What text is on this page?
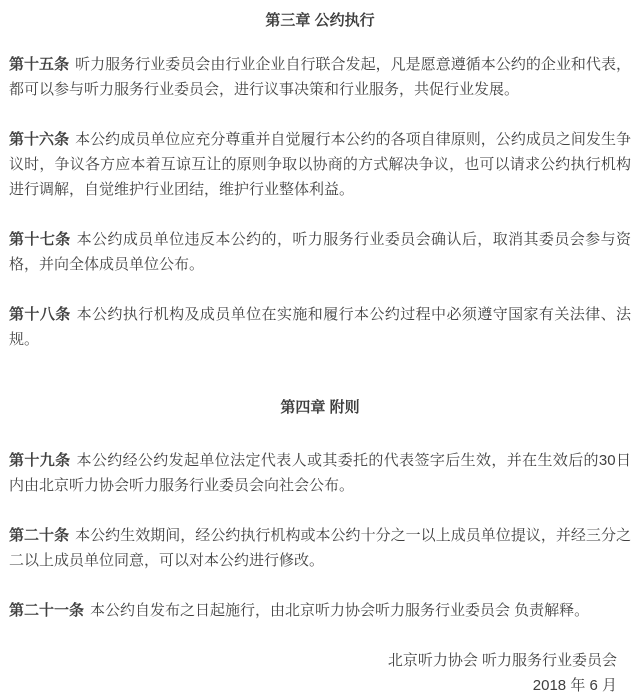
第三章 公约执行

第十五条 听力服务行业委员会由行业企业自行联合发起，凡是愿意遵循本公约的企业和代表，都可以参与听力服务行业委员会，进行议事决策和行业服务，共促行业发展。

第十六条 本公约成员单位应充分尊重并自觉履行本公约的各项自律原则，公约成员之间发生争议时，争议各方应本着互谅互让的原则争取以协商的方式解决争议，也可以请求公约执行机构进行调解，自觉维护行业团结，维护行业整体利益。

第十七条 本公约成员单位违反本公约的，听力服务行业委员会确认后，取消其委员会参与资格，并向全体成员单位公布。

第十八条 本公约执行机构及成员单位在实施和履行本公约过程中必须遵守国家有关法律、法规。

第四章 附则

第十九条 本公约经公约发起单位法定代表人或其委托的代表签字后生效，并在生效后的30日内由北京听力协会听力服务行业委员会向社会公布。

第二十条 本公约生效期间，经公约执行机构或本公约十分之一以上成员单位提议，并经三分之二以上成员单位同意，可以对本公约进行修改。

第二十一条 本公约自发布之日起施行，由北京听力协会听力服务行业委员会 负责解释。

北京听力协会 听力服务行业委员会

2018 年 6 月
